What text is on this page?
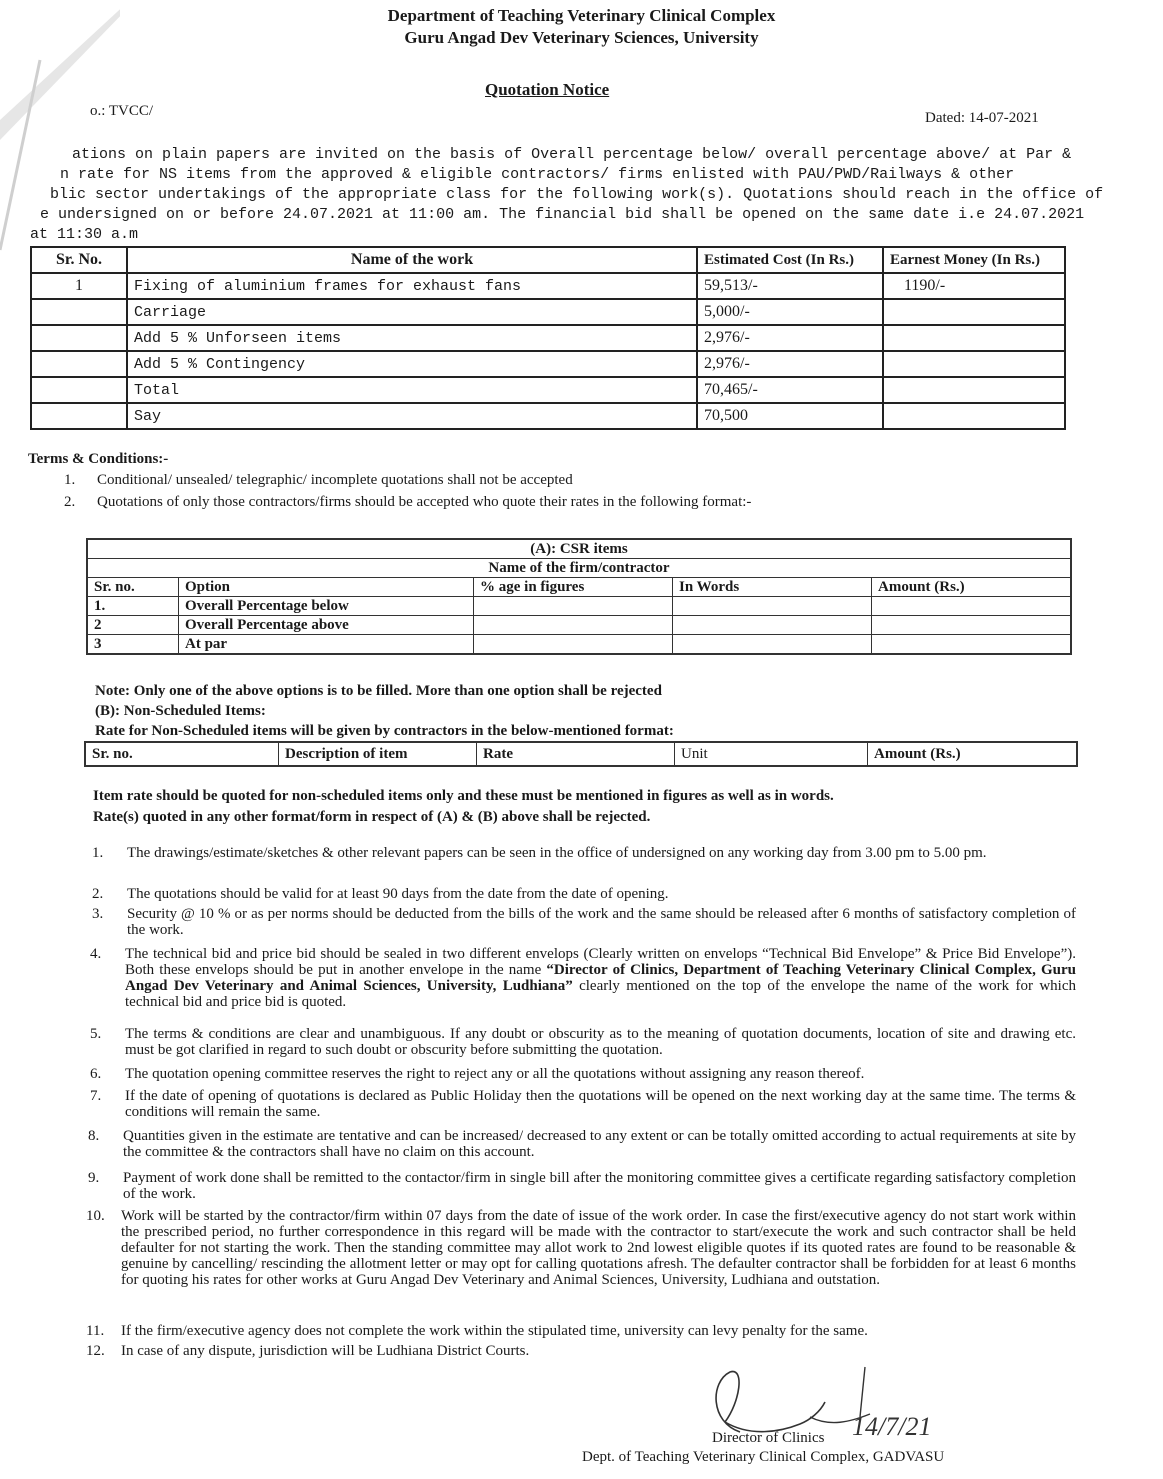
Department of Teaching Veterinary Clinical Complex
Guru Angad Dev Veterinary Sciences, University
Quotation Notice
o.: TVCC/	Dated: 14-07-2021
ations on plain papers are invited on the basis of Overall percentage below/ overall percentage above/ at Par &
n rate for NS items from the approved & eligible contractors/ firms enlisted with PAU/PWD/Railways & other
blic sector undertakings of the appropriate class for the following work(s). Quotations should reach in the office of
e undersigned on or before 24.07.2021 at 11:00 am. The financial bid shall be opened on the same date i.e 24.07.2021
at 11:30 a.m
Sr. No.	Name of the work	Estimated Cost (In Rs.)	Earnest Money (In Rs.)
1	Fixing of aluminium frames for exhaust fans	59,513/-	1190/-
	Carriage	5,000/-	
	Add 5 % Unforseen items	2,976/-	
	Add 5 % Contingency	2,976/-	
	Total	70,465/-	
	Say	70,500	
Terms & Conditions:-
1. Conditional/ unsealed/ telegraphic/ incomplete quotations shall not be accepted
2. Quotations of only those contractors/firms should be accepted who quote their rates in the following format:-
(A): CSR items				
Name of the firm/contractor				
Sr. no.	Option	% age in figures	In Words	Amount (Rs.)
1.	Overall Percentage below			
2	Overall Percentage above			
3	At par			
Note: Only one of the above options is to be filled. More than one option shall be rejected
(B): Non-Scheduled Items:
Rate for Non-Scheduled items will be given by contractors in the below-mentioned format:
Sr. no.	Description of item	Rate	Unit	Amount (Rs.)
Item rate should be quoted for non-scheduled items only and these must be mentioned in figures as well as in words.
Rate(s) quoted in any other format/form in respect of (A) & (B) above shall be rejected.
1. The drawings/estimate/sketches & other relevant papers can be seen in the office of undersigned on any working day from 3.00 pm to 5.00 pm.
2. The quotations should be valid for at least 90 days from the date from the date of opening.
3. Security @ 10 % or as per norms should be deducted from the bills of the work and the same should be released after 6 months of satisfactory completion of the work.
4. The technical bid and price bid should be sealed in two different envelops (Clearly written on envelops “Technical Bid Envelope” & Price Bid Envelope”). Both these envelops should be put in another envelope in the name “Director of Clinics, Department of Teaching Veterinary Clinical Complex, Guru Angad Dev Veterinary and Animal Sciences, University, Ludhiana” clearly mentioned on the top of the envelope the name of the work for which technical bid and price bid is quoted.
5. The terms & conditions are clear and unambiguous. If any doubt or obscurity as to the meaning of quotation documents, location of site and drawing etc. must be got clarified in regard to such doubt or obscurity before submitting the quotation.
6. The quotation opening committee reserves the right to reject any or all the quotations without assigning any reason thereof.
7. If the date of opening of quotations is declared as Public Holiday then the quotations will be opened on the next working day at the same time. The terms & conditions will remain the same.
8. Quantities given in the estimate are tentative and can be increased/ decreased to any extent or can be totally omitted according to actual requirements at site by the committee & the contractors shall have no claim on this account.
9. Payment of work done shall be remitted to the contactor/firm in single bill after the monitoring committee gives a certificate regarding satisfactory completion of the work.
10. Work will be started by the contractor/firm within 07 days from the date of issue of the work order. In case the first/executive agency do not start work within the prescribed period, no further correspondence in this regard will be made with the contractor to start/execute the work and such contractor shall be held defaulter for not starting the work. Then the standing committee may allot work to 2nd lowest eligible quotes if its quoted rates are found to be reasonable & genuine by cancelling/ rescinding the allotment letter or may opt for calling quotations afresh. The defaulter contractor shall be forbidden for at least 6 months for quoting his rates for other works at Guru Angad Dev Veterinary and Animal Sciences, University, Ludhiana and outstation.
11. If the firm/executive agency does not complete the work within the stipulated time, university can levy penalty for the same.
12. In case of any dispute, jurisdiction will be Ludhiana District Courts.
14/7/21
Director of Clinics
Dept. of Teaching Veterinary Clinical Complex, GADVASU
